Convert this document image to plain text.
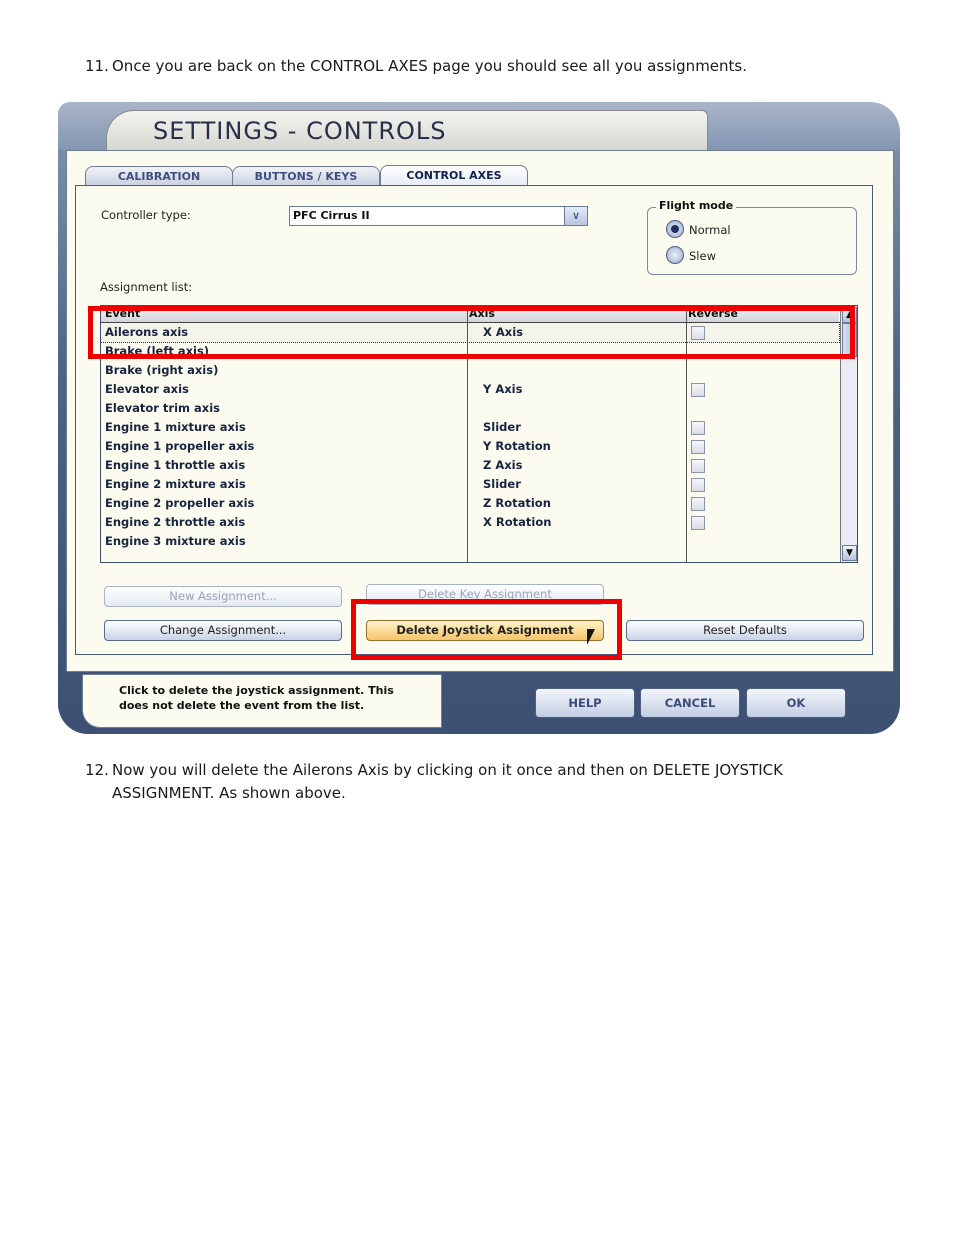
11. Once you are back on the CONTROL AXES page you should see all you assignments.
SETTINGS - CONTROLS
CALIBRATION	BUTTONS / KEYS	CONTROL AXES
Controller type:	PFC Cirrus II	∨
Flight mode
Normal
Slew
Assignment list:
Event	Axis	Reverse
Ailerons axis	X Axis
Brake (left axis)
Brake (right axis)
Elevator axis	Y Axis
Elevator trim axis
Engine 1 mixture axis	Slider
Engine 1 propeller axis	Y Rotation
Engine 1 throttle axis	Z Axis
Engine 2 mixture axis	Slider
Engine 2 propeller axis	Z Rotation
Engine 2 throttle axis	X Rotation
Engine 3 mixture axis
▲
▼
New Assignment...	Delete Key Assignment
Change Assignment...	Delete Joystick Assignment	Reset Defaults
Click to delete the joystick assignment. This does not delete the event from the list.	HELP	CANCEL	OK
12. Now you will delete the Ailerons Axis by clicking on it once and then on DELETE JOYSTICK
ASSIGNMENT. As shown above.
